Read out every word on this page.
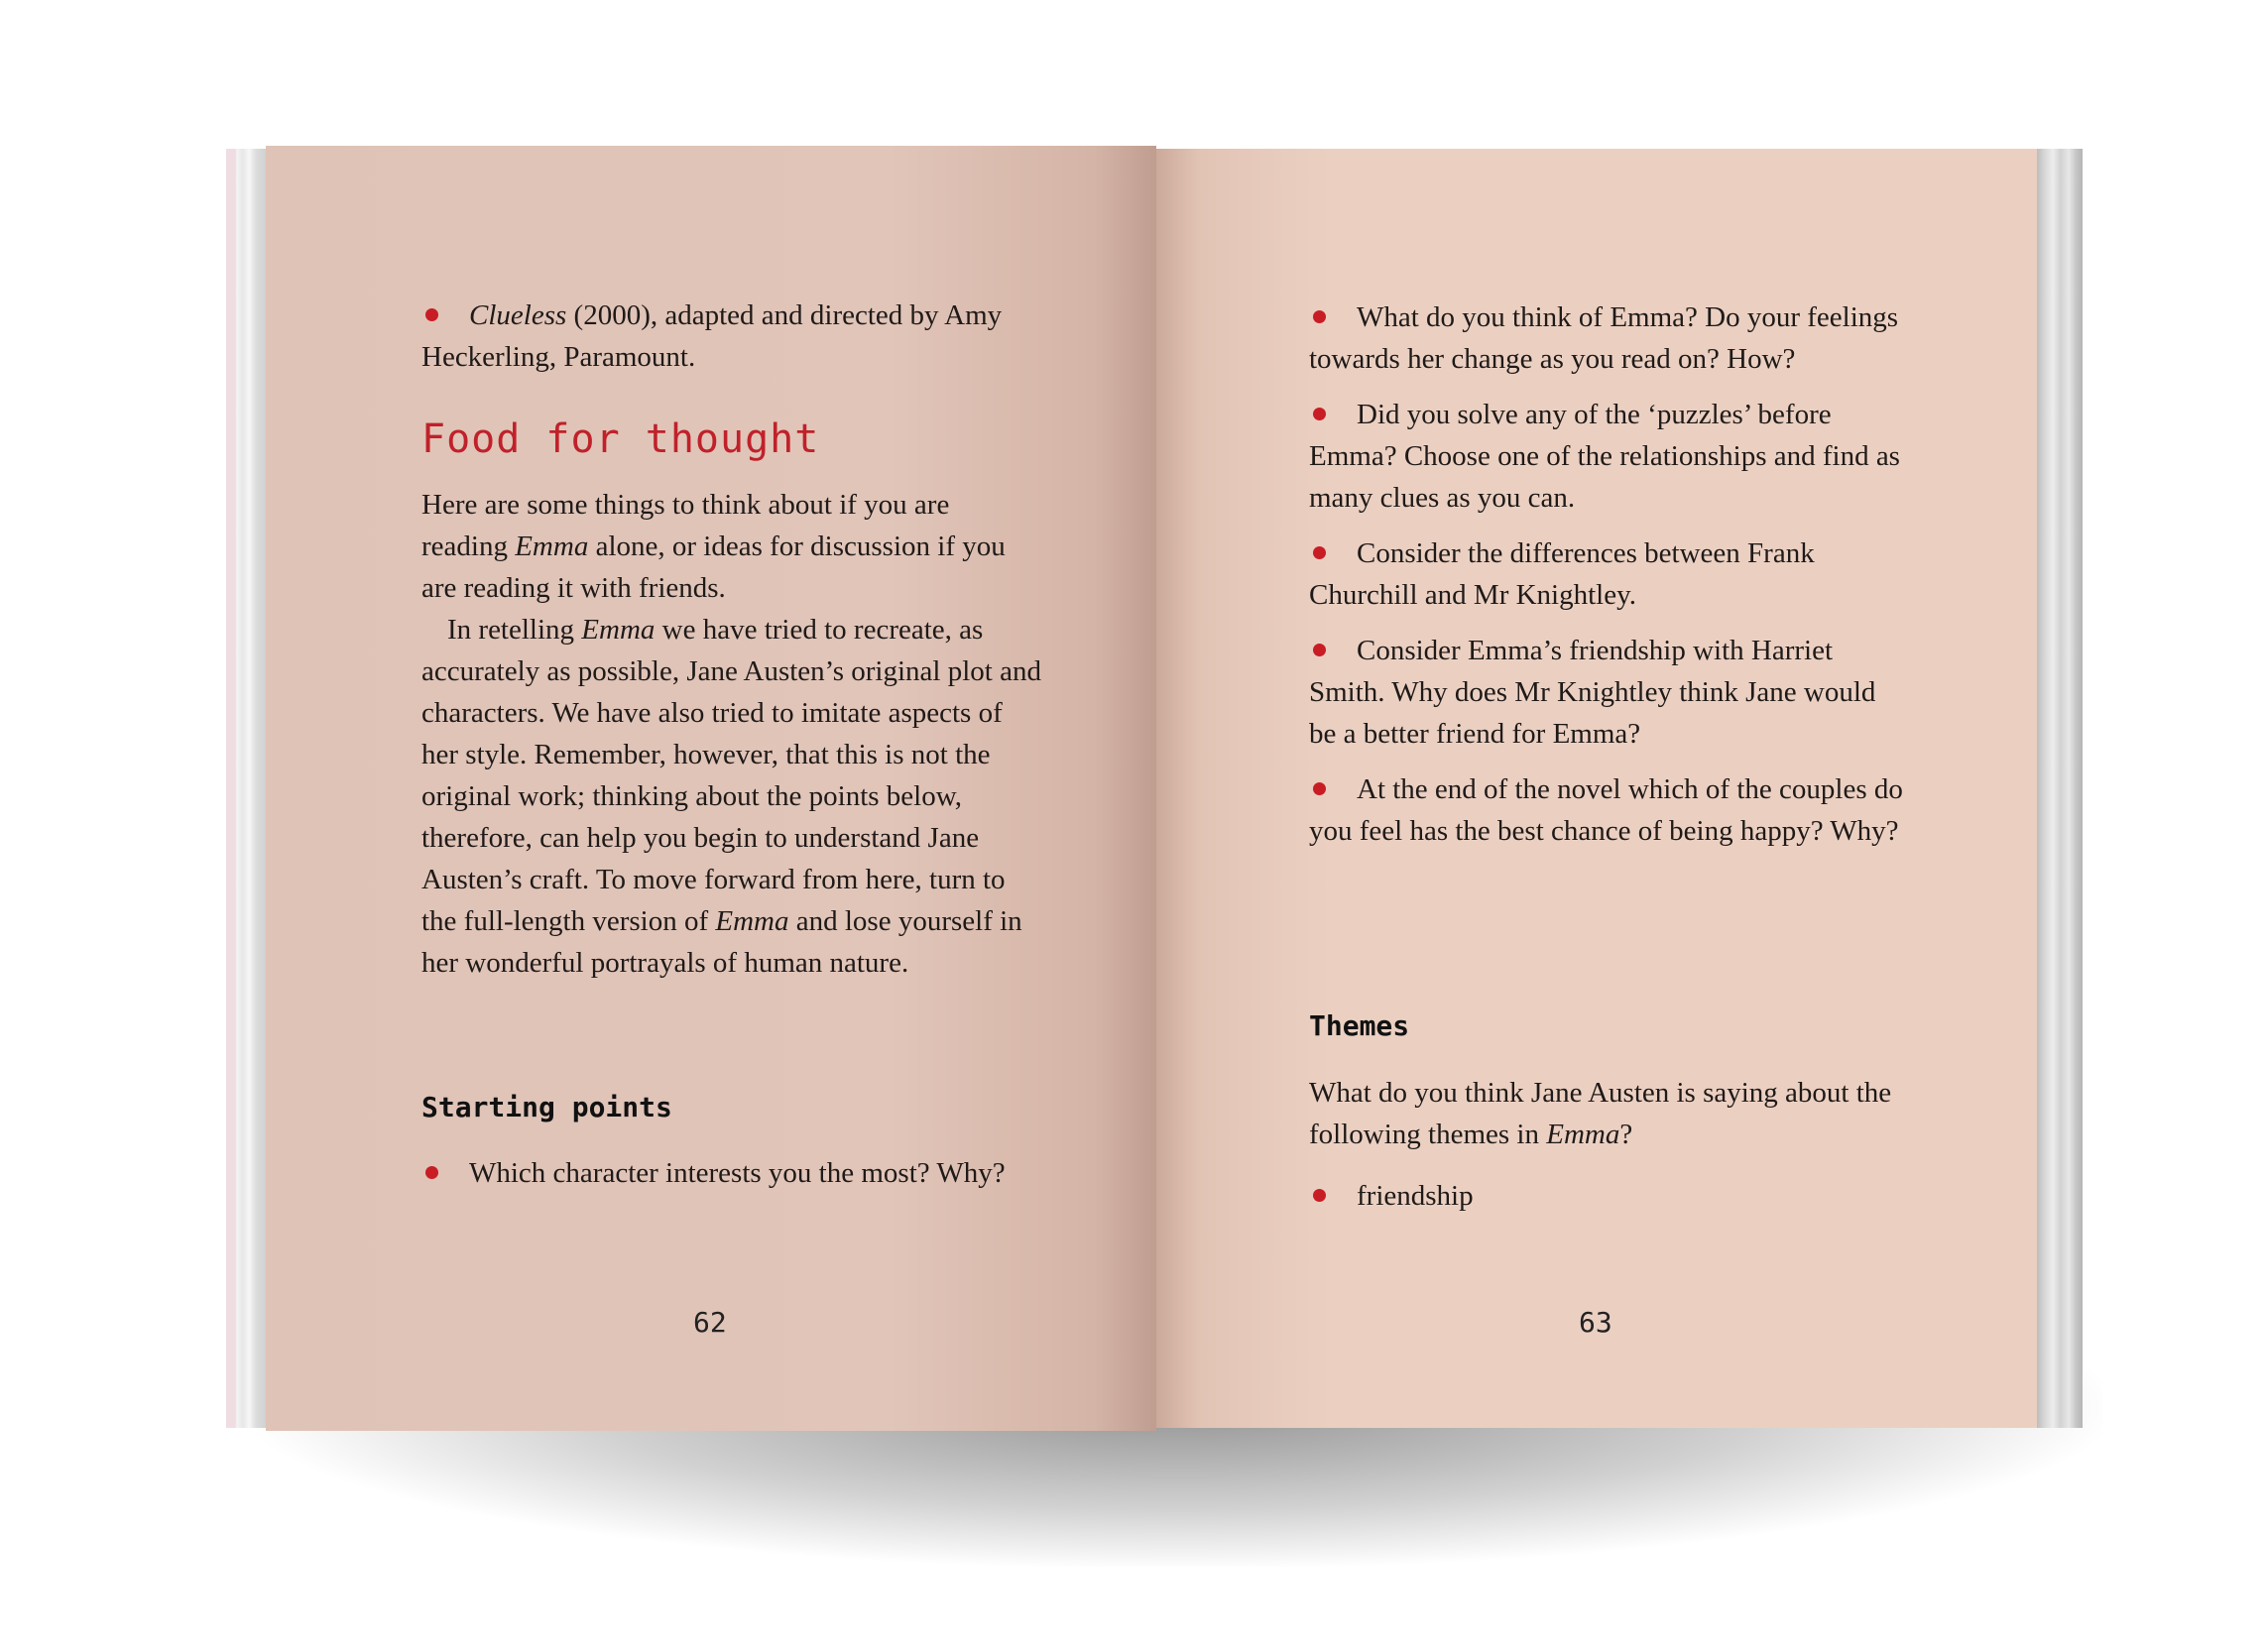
Clueless (2000), adapted and directed by Amy Heckerling, Paramount.

Food for thought

Here are some things to think about if you are reading Emma alone, or ideas for discussion if you are reading it with friends.

In retelling Emma we have tried to recreate, as accurately as possible, Jane Austen’s original plot and characters. We have also tried to imitate aspects of her style. Remember, however, that this is not the original work; thinking about the points below, therefore, can help you begin to understand Jane Austen’s craft. To move forward from here, turn to the full-length version of Emma and lose yourself in her wonderful portrayals of human nature.

Starting points
Which character interests you the most? Why?
62
What do you think of Emma? Do your feelings towards her change as you read on? How?
Did you solve any of the ‘puzzles’ before Emma? Choose one of the relationships and find as many clues as you can.
Consider the differences between Frank Churchill and Mr Knightley.
Consider Emma’s friendship with Harriet Smith. Why does Mr Knightley think Jane would be a better friend for Emma?
At the end of the novel which of the couples do you feel has the best chance of being happy? Why?
Themes

What do you think Jane Austen is saying about the following themes in Emma?

friendship
63
